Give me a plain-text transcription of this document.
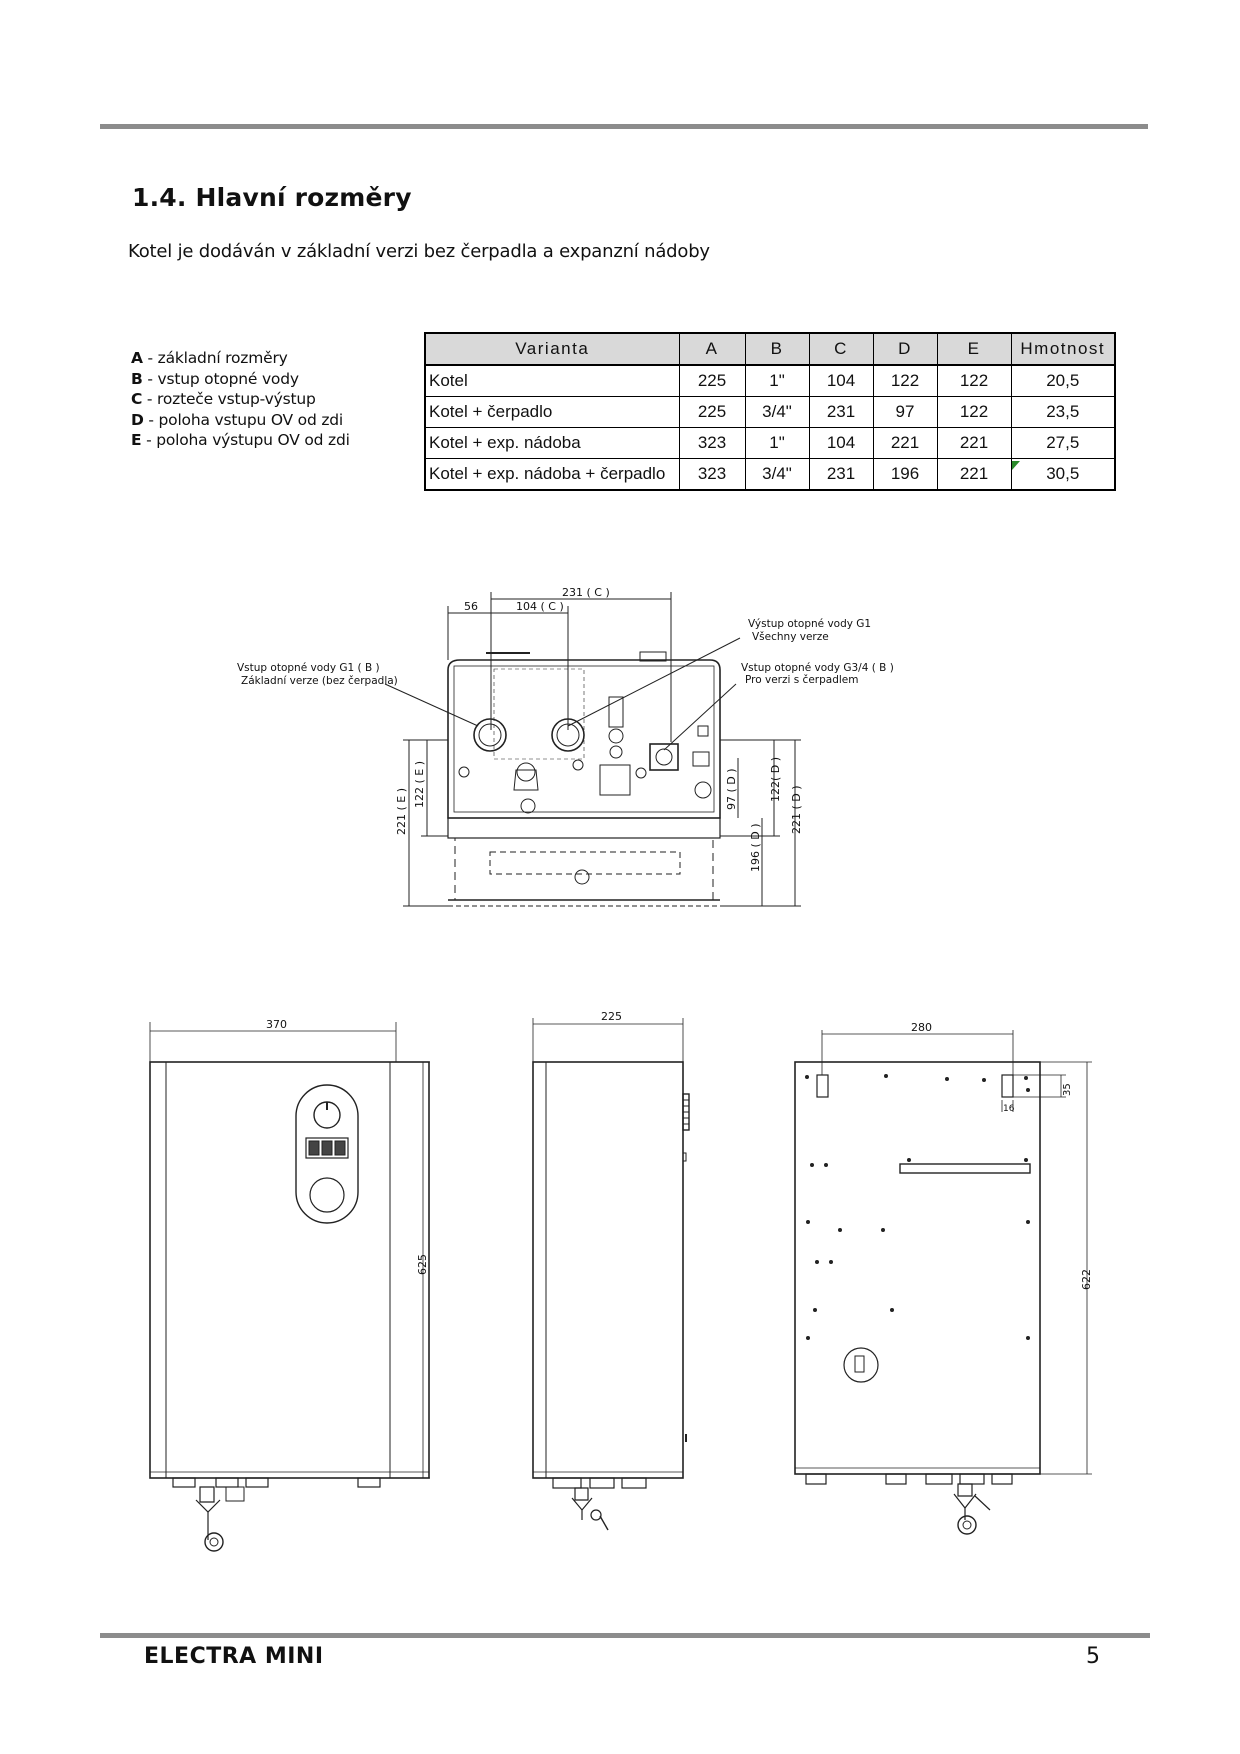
1.4. Hlavní rozměry

Kotel je dodáván v základní verzi bez čerpadla a expanzní nádoby

A - základní rozměry
B - vstup otopné vody
C - rozteče vstup-výstup
D - poloha vstupu OV od zdi
E - poloha výstupu OV od zdi
Varianta	A	B	C	D	E	Hmotnost
Kotel	225	1"	104	122	122	20,5
Kotel + čerpadlo	225	3/4"	231	97	122	23,5
Kotel + exp. nádoba	323	1"	104	221	221	27,5
Kotel + exp. nádoba + čerpadlo	323	3/4"	231	196	221	30,5
231 ( C )
56	104 ( C )
Výstup otopné vody G1
Všechny verze
Vstup otopné vody G1 ( B )
Základní verze (bez čerpadla)
Vstup otopné vody G3/4 ( B )
Pro verzi s čerpadlem
221 ( E )
122 ( E )	97 ( D )	122( D )
221 ( D )
196 ( D )
370
625
225
280
35
16
622

ELECTRA MINI	5
